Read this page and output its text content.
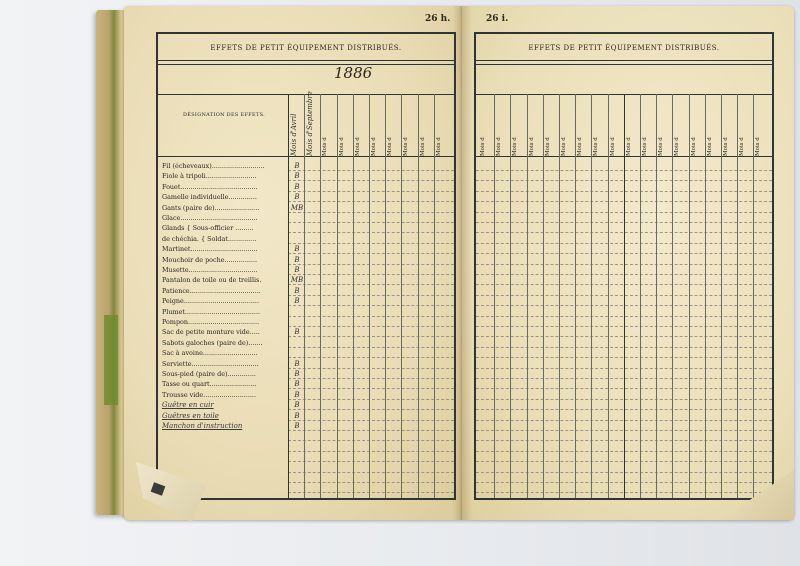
26 h.	26 i.
EFFETS DE PETIT ÉQUIPEMENT DISTRIBUÉS.
1886
DÉSIGNATION DES EFFETS.
Fil (écheveaux)..........................	B
Fiole à tripoli.........................	B
Fouet......................................	B
Gamelle individuelle..............	B
Gants (paire de)......................	MB
Glace......................................
Glands { Sous-officier .........
de chéchia. { Soldat..............
Martinet.................................	B
Mouchoir de poche................	B
Musette..................................	B
Pantalon de toile ou de treillis.	MB
Patience...................................	B
Peigne.....................................	B
Plumet.....................................
Pompon...................................
Sac de petite monture vide.....	B
Sabots galoches (paire de).......
Sac à avoine...........................
Serviette.................................	B
Sous-pied (paire de)..............	B
Tasse ou quart.......................	B
Trousse vide..........................	B
Guêtre en cuir	B
Guêtres en toile	B
Manchon d'instruction	B
Mois d'Avril	Mois d'Septembre	Mois d	Mois d	Mois d	Mois d	Mois d	Mois d	Mois d	Mois d
EFFETS DE PETIT ÉQUIPEMENT DISTRIBUÉS.
Mois d	Mois d	Mois d	Mois d	Mois d	Mois d	Mois d	Mois d	Mois d	Mois d	Mois d	Mois d	Mois d	Mois d	Mois d	Mois d	Mois d	Mois d
